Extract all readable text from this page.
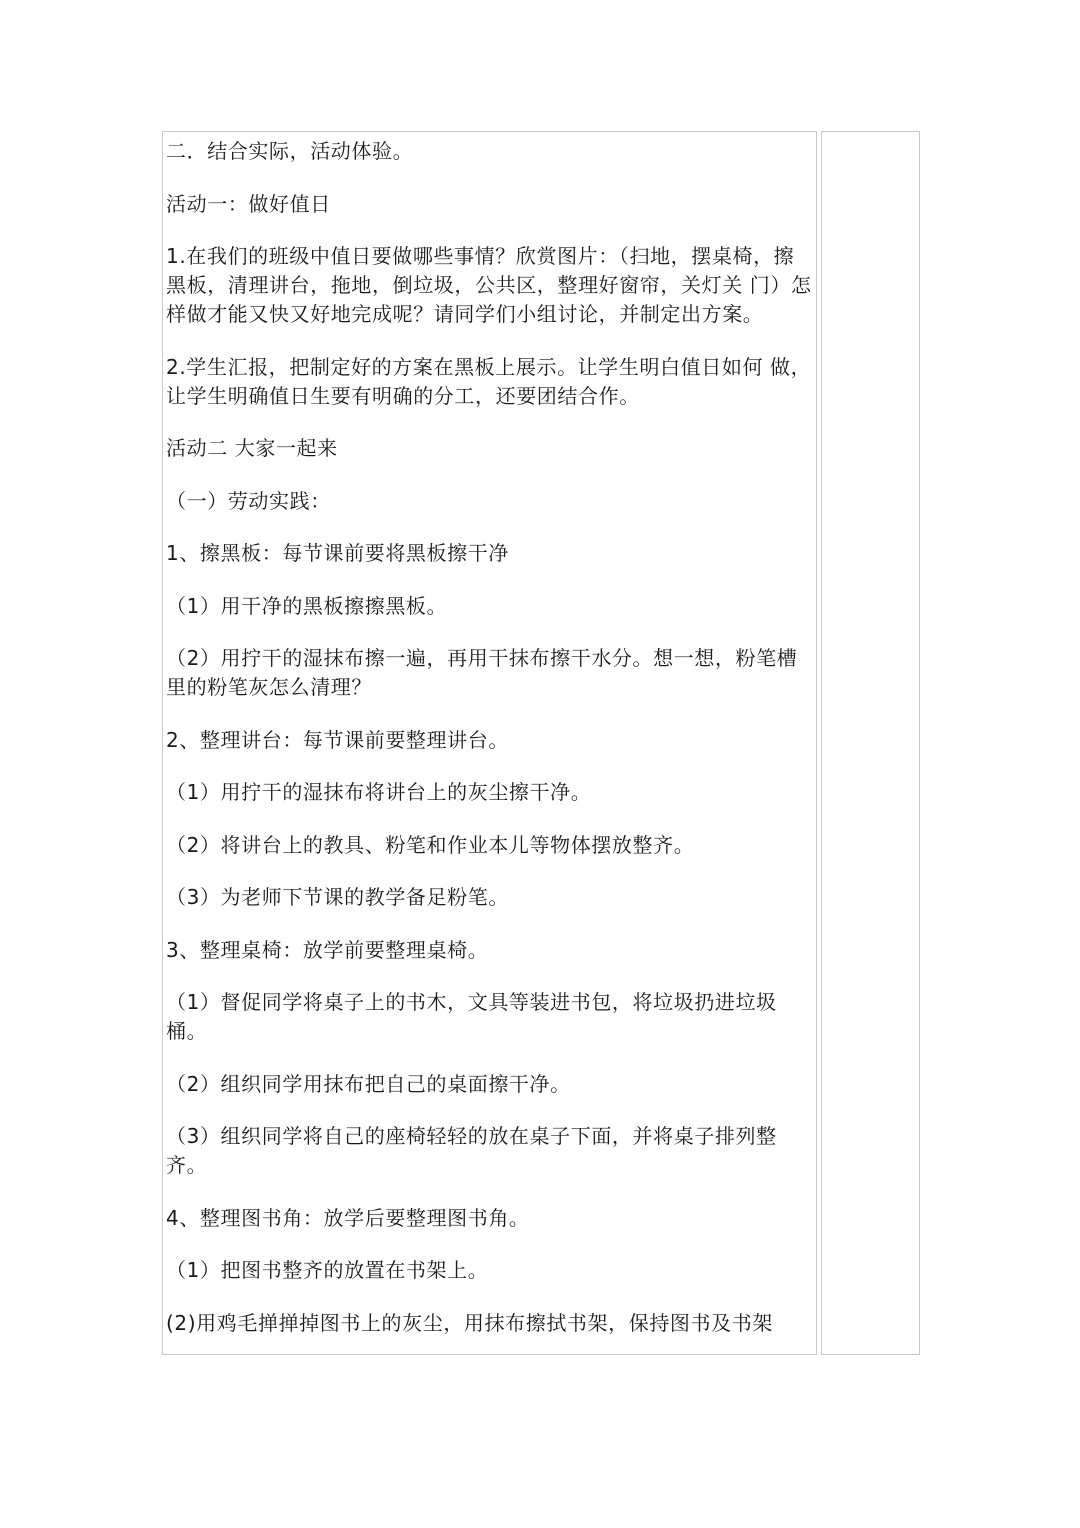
二．结合实际，活动体验。

活动一：做好值日

1.在我们的班级中值日要做哪些事情？欣赏图片：（扫地，摆桌椅，擦黑板，清理讲台，拖地，倒垃圾，公共区，整理好窗帘，关灯关 门）怎样做才能又快又好地完成呢？请同学们小组讨论，并制定出方案。

2.学生汇报，把制定好的方案在黑板上展示。让学生明白值日如何 做，让学生明确值日生要有明确的分工，还要团结合作。

活动二 大家一起来

（一）劳动实践：

1、擦黑板：每节课前要将黑板擦干净

（1）用干净的黑板擦擦黑板。

（2）用拧干的湿抹布擦一遍，再用干抹布擦干水分。想一想，粉笔槽里的粉笔灰怎么清理？

2、整理讲台：每节课前要整理讲台。

（1）用拧干的湿抹布将讲台上的灰尘擦干净。

（2）将讲台上的教具、粉笔和作业本儿等物体摆放整齐。

（3）为老师下节课的教学备足粉笔。

3、整理桌椅：放学前要整理桌椅。

（1）督促同学将桌子上的书木，文具等装进书包，将垃圾扔进垃圾桶。

（2）组织同学用抹布把自己的桌面擦干净。

（3）组织同学将自己的座椅轻轻的放在桌子下面，并将桌子排列整齐。

4、整理图书角：放学后要整理图书角。

（1）把图书整齐的放置在书架上。

(2)用鸡毛掸掸掉图书上的灰尘，用抹布擦拭书架，保持图书及书架
